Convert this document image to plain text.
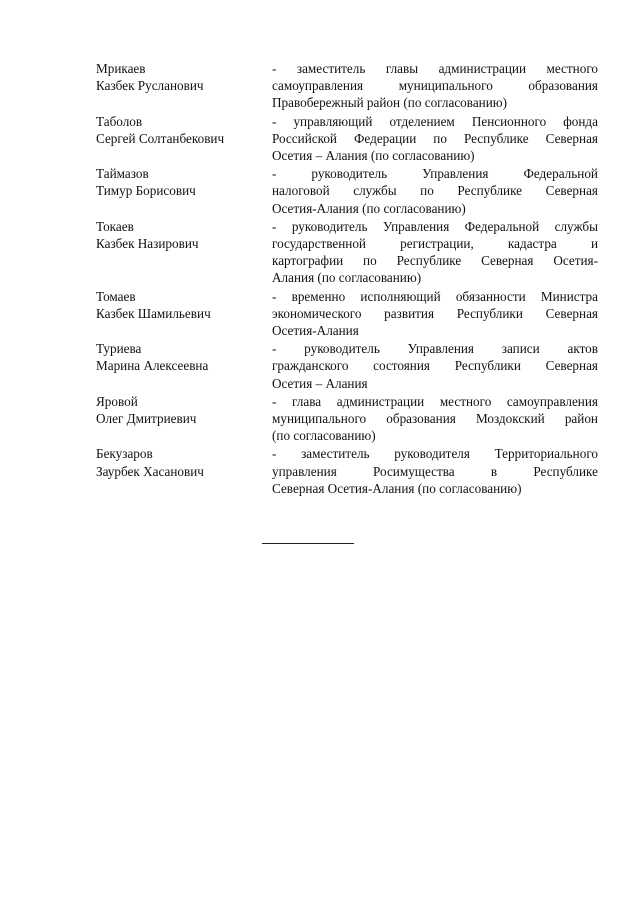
Мрикаев
Казбек Русланович
- заместитель главы администрации местного
самоуправления муниципального образования
Правобережный район (по согласованию)
Таболов
Сергей Солтанбекович
- управляющий отделением Пенсионного фонда
Российской Федерации по Республике Северная
Осетия – Алания (по согласованию)
Таймазов
Тимур Борисович
- руководитель Управления Федеральной
налоговой службы по Республике Северная
Осетия-Алания (по согласованию)
Токаев
Казбек Назирович
- руководитель Управления Федеральной службы
государственной регистрации, кадастра и
картографии по Республике Северная Осетия-
Алания (по согласованию)
Томаев
Казбек Шамильевич
- временно исполняющий обязанности Министра
экономического развития Республики Северная
Осетия-Алания
Туриева
Марина Алексеевна
- руководитель Управления записи актов
гражданского состояния Республики Северная
Осетия – Алания
Яровой
Олег Дмитриевич
- глава администрации местного самоуправления
муниципального образования Моздокский район
(по согласованию)
Бекузаров
Заурбек Хасанович
- заместитель руководителя Территориального
управления Росимущества в Республике
Северная Осетия-Алания (по согласованию)
